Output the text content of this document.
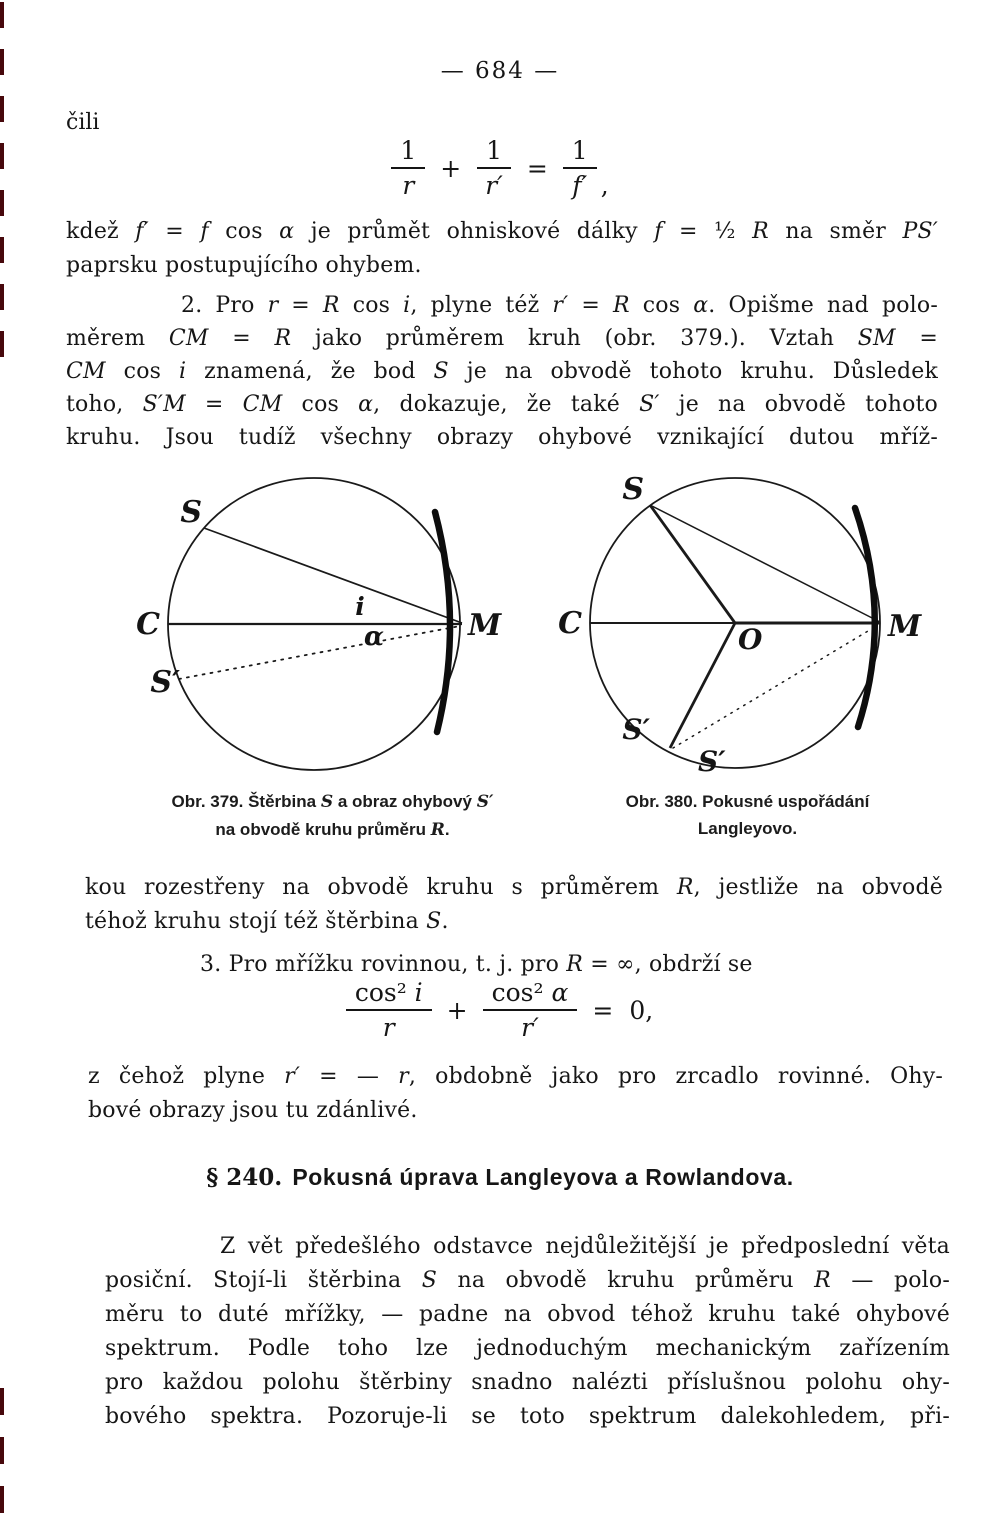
— 684 —
čili
$\frac{1}{r} + \frac{1}{r'} = \frac{1}{f'}$ ,
kdež f′ = f cos α je průmět ohniskové dálky f = ½ R na směr PS′
paprsku postupujícího ohybem.
2. Pro r = R cos i, plyne též r′ = R cos α. Opišme nad polo-
měrem CM = R jako průměrem kruh (obr. 379.). Vztah SM =
CM cos i znamená, že bod S je na obvodě tohoto kruhu. Důsledek
toho, S′M = CM cos α, dokazuje, že také S′ je na obvodě tohoto
kruhu. Jsou tudíž všechny obrazy ohybové vznikající dutou mříž-
S
C
S′
M
i
α
S
C	M
O
S′
S′
Obr. 379. Štěrbina S a obraz ohybový S′
na obvodě kruhu průměru R.
Obr. 380. Pokusné uspořádání
Langleyovo.
kou rozestřeny na obvodě kruhu s průměrem R, jestliže na obvodě
téhož kruhu stojí též štěrbina S.
3. Pro mřížku rovinnou, t. j. pro R = ∞, obdrží se
$\frac{\text{cos² i}}{r} + \frac{\text{cos² α}}{r'} = 0$,
z čehož plyne r′ = — r, obdobně jako pro zrcadlo rovinné. Ohy-
bové obrazy jsou tu zdánlivé.
§ 240. Pokusná úprava Langleyova a Rowlandova.
Z vět předešlého odstavce nejdůležitější je předposlední věta
posiční. Stojí-li štěrbina S na obvodě kruhu průměru R — polo-
měru to duté mřížky, — padne na obvod téhož kruhu také ohybové
spektrum. Podle toho lze jednoduchým mechanickým zařízením
pro každou polohu štěrbiny snadno nalézti příslušnou polohu ohy-
bového spektra. Pozoruje-li se toto spektrum dalekohledem, při-
